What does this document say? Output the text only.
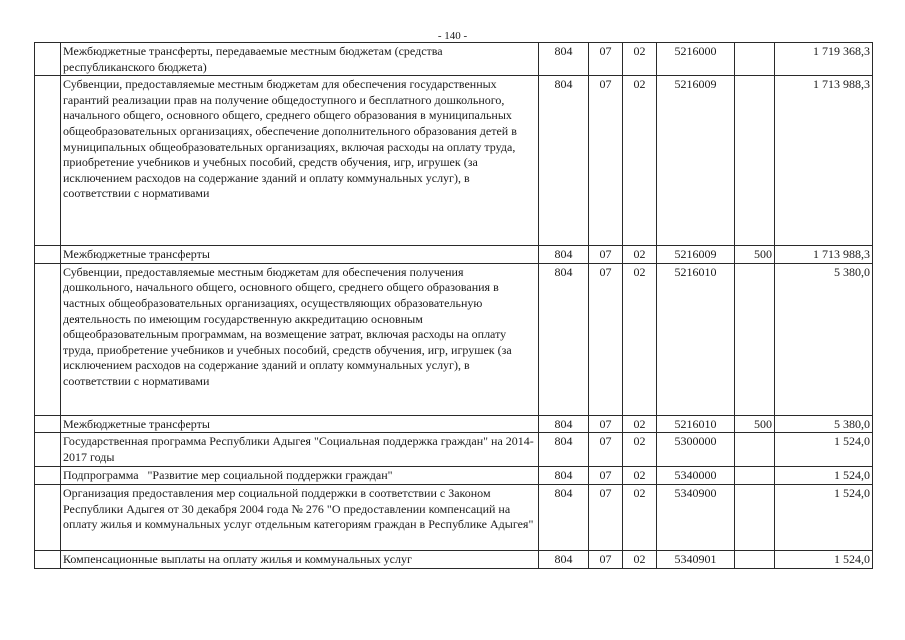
- 140 -
	Межбюджетные трансферты, передаваемые местным бюджетам (средства республиканского бюджета)	804	07	02	5216000		1 719 368,3
	Субвенции, предоставляемые местным бюджетам для обеспечения государственных гарантий реализации прав на получение общедоступного и бесплатного дошкольного, начального общего, основного общего, среднего общего образования в муниципальных общеобразовательных организациях, обеспечение дополнительного образования детей в муниципальных общеобразовательных организациях, включая расходы на оплату труда, приобретение учебников и учебных пособий, средств обучения, игр, игрушек (за исключением расходов на содержание зданий и оплату коммунальных услуг), в соответствии с нормативами	804	07	02	5216009		1 713 988,3
	Межбюджетные трансферты	804	07	02	5216009	500	1 713 988,3
	Субвенции, предоставляемые местным бюджетам для обеспечения получения дошкольного, начального общего, основного общего, среднего общего образования в частных общеобразовательных организациях, осуществляющих образовательную деятельность по имеющим государственную аккредитацию основным общеобразовательным программам, на возмещение затрат, включая расходы на оплату труда, приобретение учебников и учебных пособий, средств обучения, игр, игрушек (за исключением расходов на содержание зданий и оплату коммунальных услуг), в соответствии с нормативами	804	07	02	5216010		5 380,0
	Межбюджетные трансферты	804	07	02	5216010	500	5 380,0
	Государственная программа Республики Адыгея "Социальная поддержка граждан" на 2014-2017 годы	804	07	02	5300000		1 524,0
	Подпрограмма   "Развитие мер социальной поддержки граждан"	804	07	02	5340000		1 524,0
	Организация предоставления мер социальной поддержки в соответствии с Законом Республики Адыгея от 30 декабря 2004 года № 276 "О предоставлении компенсаций на оплату жилья и коммунальных услуг отдельным категориям граждан в Республике Адыгея"	804	07	02	5340900		1 524,0
	Компенсационные выплаты на оплату жилья и коммунальных услуг	804	07	02	5340901		1 524,0
